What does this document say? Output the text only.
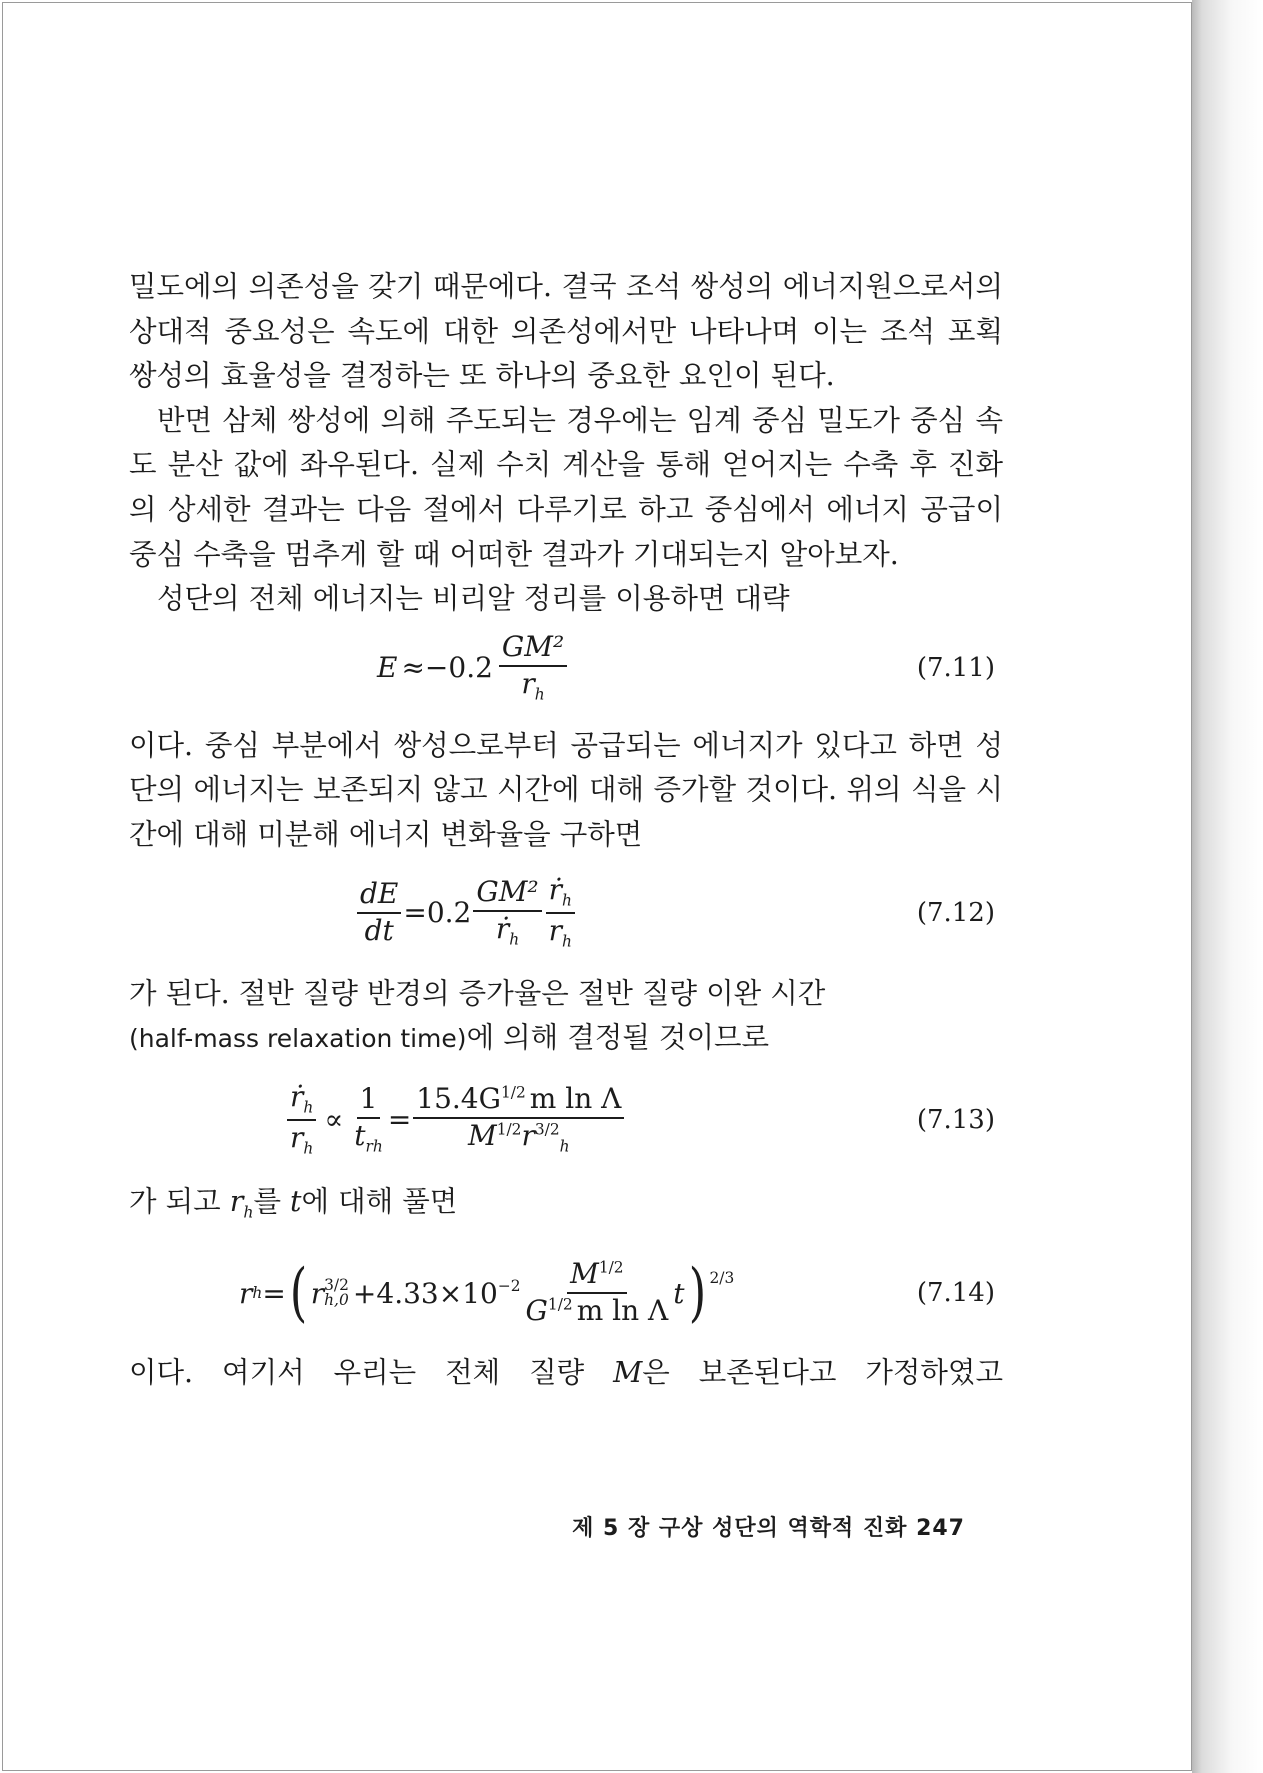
밀도에의 의존성을 갖기 때문에다. 결국 조석 쌍성의 에너지원으로서의 상대적 중요성은 속도에 대한 의존성에서만 나타나며 이는 조석 포획 쌍성의 효율성을 결정하는 또 하나의 중요한 요인이 된다.

반면 삼체 쌍성에 의해 주도되는 경우에는 임계 중심 밀도가 중심 속도 분산 값에 좌우된다. 실제 수치 계산을 통해 얻어지는 수축 후 진화의 상세한 결과는 다음 절에서 다루기로 하고 중심에서 에너지 공급이 중심 수축을 멈추게 할 때 어떠한 결과가 기대되는지 알아보자.

성단의 전체 에너지는 비리알 정리를 이용하면 대략

$E \approx-0.2 \frac{\text{GM²}}{r_h}$	(7.11)

이다. 중심 부분에서 쌍성으로부터 공급되는 에너지가 있다고 하면 성단의 에너지는 보존되지 않고 시간에 대해 증가할 것이다. 위의 식을 시간에 대해 미분해 에너지 변화율을 구하면

$\frac{dE}{dt} =0.2 \frac{\text{GM²}}{ṙ_h} \frac{ṙ_h}{r_h}$	(7.12)

가 된다. 절반 질량 반경의 증가율은 절반 질량 이완 시간
(half-mass relaxation time)에 의해 결정될 것이므로

$\frac{ṙ_h}{r_h} \propto \frac{1}{t_{rh}} = \frac{15.4G^{1/2} m \ln \Lambda}{M^{1/2}r^{3/2}_h}$	(7.13)

가 되고 $r_h$를 t에 대해 풀면

r h = ( r 3/2
$h,0 +4.33\times 10^{-2} \frac{M^{1/2}}{G^{1/2} m \ln \Lambda}$ t )$^{2/3}$	(7.14)

이다. 여기서 우리는 전체 질량 M은 보존된다고 가정하였고

제 5 장 구상 성단의 역학적 진화 247
